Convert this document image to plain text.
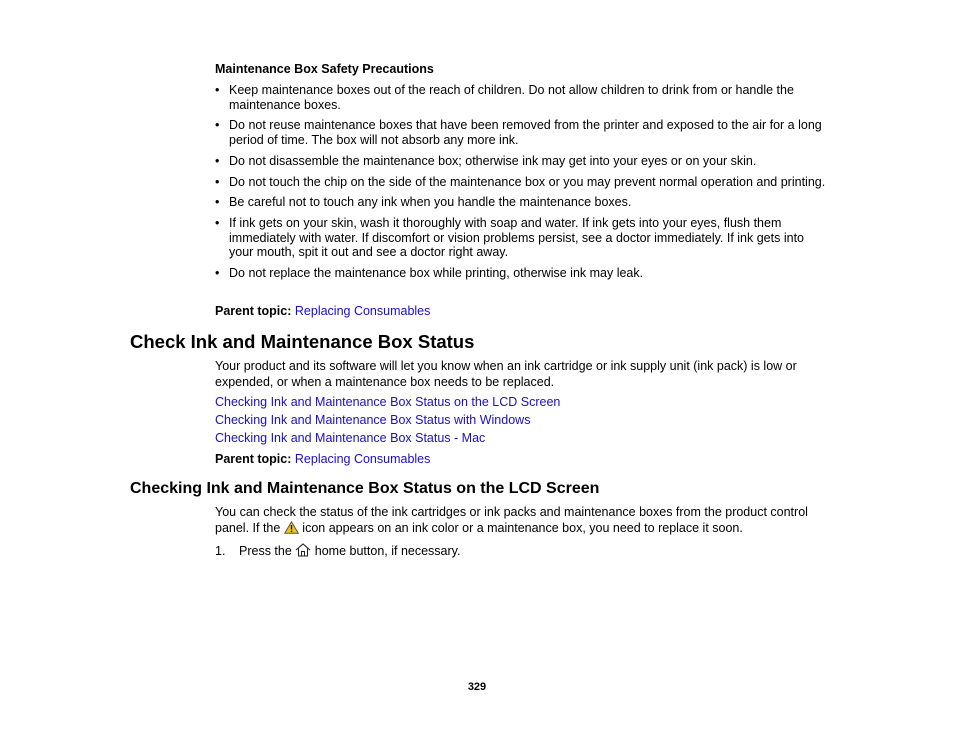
Maintenance Box Safety Precautions
• Keep maintenance boxes out of the reach of children. Do not allow children to drink from or handle the maintenance boxes.
• Do not reuse maintenance boxes that have been removed from the printer and exposed to the air for a long period of time. The box will not absorb any more ink.
• Do not disassemble the maintenance box; otherwise ink may get into your eyes or on your skin.
• Do not touch the chip on the side of the maintenance box or you may prevent normal operation and printing.
• Be careful not to touch any ink when you handle the maintenance boxes.
• If ink gets on your skin, wash it thoroughly with soap and water. If ink gets into your eyes, flush them immediately with water. If discomfort or vision problems persist, see a doctor immediately. If ink gets into your mouth, spit it out and see a doctor right away.
• Do not replace the maintenance box while printing, otherwise ink may leak.
Parent topic: Replacing Consumables
Check Ink and Maintenance Box Status
Your product and its software will let you know when an ink cartridge or ink supply unit (ink pack) is low or expended, or when a maintenance box needs to be replaced.
Checking Ink and Maintenance Box Status on the LCD Screen
Checking Ink and Maintenance Box Status with Windows
Checking Ink and Maintenance Box Status - Mac
Parent topic: Replacing Consumables
Checking Ink and Maintenance Box Status on the LCD Screen
You can check the status of the ink cartridges or ink packs and maintenance boxes from the product control panel. If the icon appears on an ink color or a maintenance box, you need to replace it soon.
1. Press the home button, if necessary.
329
